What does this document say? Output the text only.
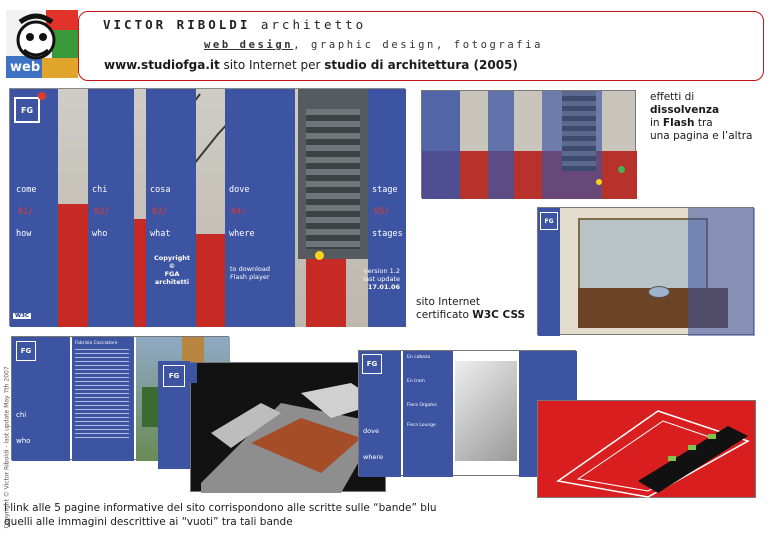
web
VICTOR RIBOLDI architetto
web design, graphic design, fotografia
www.studiofga.it sito Internet per studio di architettura (2005)
Copyright © Victor Riboldi - last update May 7th 2007
FG
come
01/
how
chi
02/
who
cosa
03/
what
dove
04/
where
stage
05/
stages
Copyright ©
FGA
architetti
to download
Flash player
version 1.2
last update
17.01.06
W3C
effetti di dissolvenza
in Flash tra
una pagina e l’altra
FG
sito Internet
certificato W3C CSS
FG
chi
who
Fabrizio Cacciatore
FG
FG
dove
where
En cabeza
En tram
Fiera Orgatec
Fiera Lounge
i link alle 5 pagine informative del sito corrispondono alle scritte sulle “bande” blu
quelli alle immagini descrittive ai “vuoti” tra tali bande
